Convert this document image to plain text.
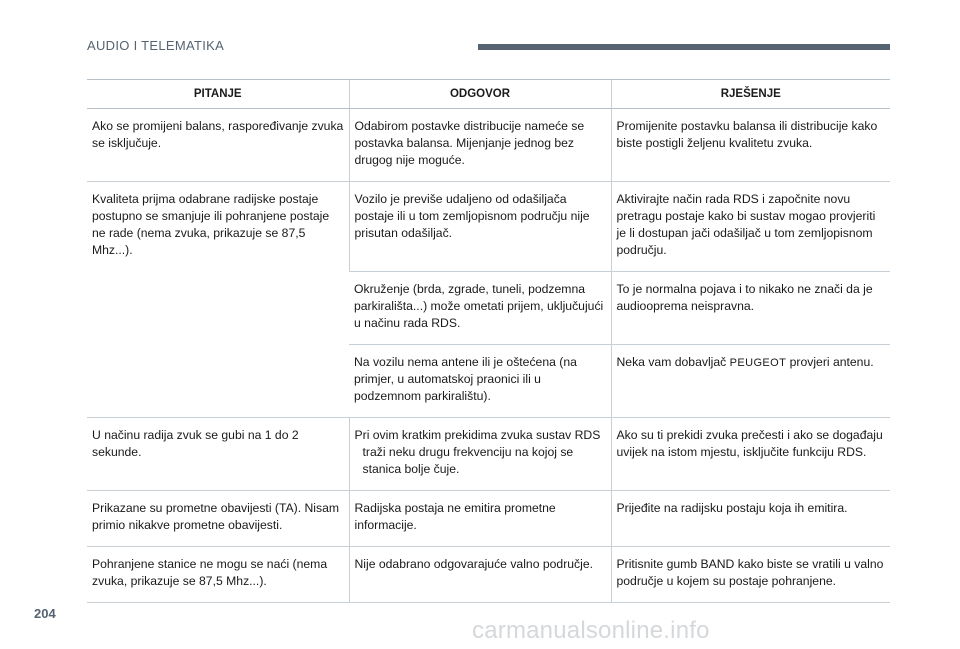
AUDIO I TELEMATIKA
PITANJE	ODGOVOR	RJEŠENJE
Ako se promijeni balans, raspoređivanje zvuka se isključuje.	Odabirom postavke distribucije nameće se postavka balansa. Mijenjanje jednog bez drugog nije moguće.	Promijenite postavku balansa ili distribucije kako biste postigli željenu kvalitetu zvuka.
Kvaliteta prijma odabrane radijske postaje postupno se smanjuje ili pohranjene postaje ne rade (nema zvuka, prikazuje se 87,5 Mhz...).	Vozilo je previše udaljeno od odašiljača postaje ili u tom zemljopisnom području nije prisutan odašiljač.	Aktivirajte način rada RDS i započnite novu pretragu postaje kako bi sustav mogao provjeriti je li dostupan jači odašiljač u tom zemljopisnom području.
	Okruženje (brda, zgrade, tuneli, podzemna parkirališta...) može ometati prijem, uključujući u načinu rada RDS.	To je normalna pojava i to nikako ne znači da je audiooprema neispravna.
	Na vozilu nema antene ili je oštećena (na primjer, u automatskoj praonici ili u podzemnom parkiralištu).	Neka vam dobavljač PEUGEOT provjeri antenu.
U načinu radija zvuk se gubi na 1 do 2 sekunde.	Pri ovim kratkim prekidima zvuka sustav RDS traži neku drugu frekvenciju na kojoj se stanica bolje čuje.	Ako su ti prekidi zvuka prečesti i ako se događaju uvijek na istom mjestu, isključite funkciju RDS.
Prikazane su prometne obavijesti (TA). Nisam primio nikakve prometne obavijesti.	Radijska postaja ne emitira prometne informacije.	Prijeđite na radijsku postaju koja ih emitira.
Pohranjene stanice ne mogu se naći (nema zvuka, prikazuje se 87,5 Mhz...).	Nije odabrano odgovarajuće valno područje.	Pritisnite gumb BAND kako biste se vratili u valno područje u kojem su postaje pohranjene.
204
carmanualsonline.info
